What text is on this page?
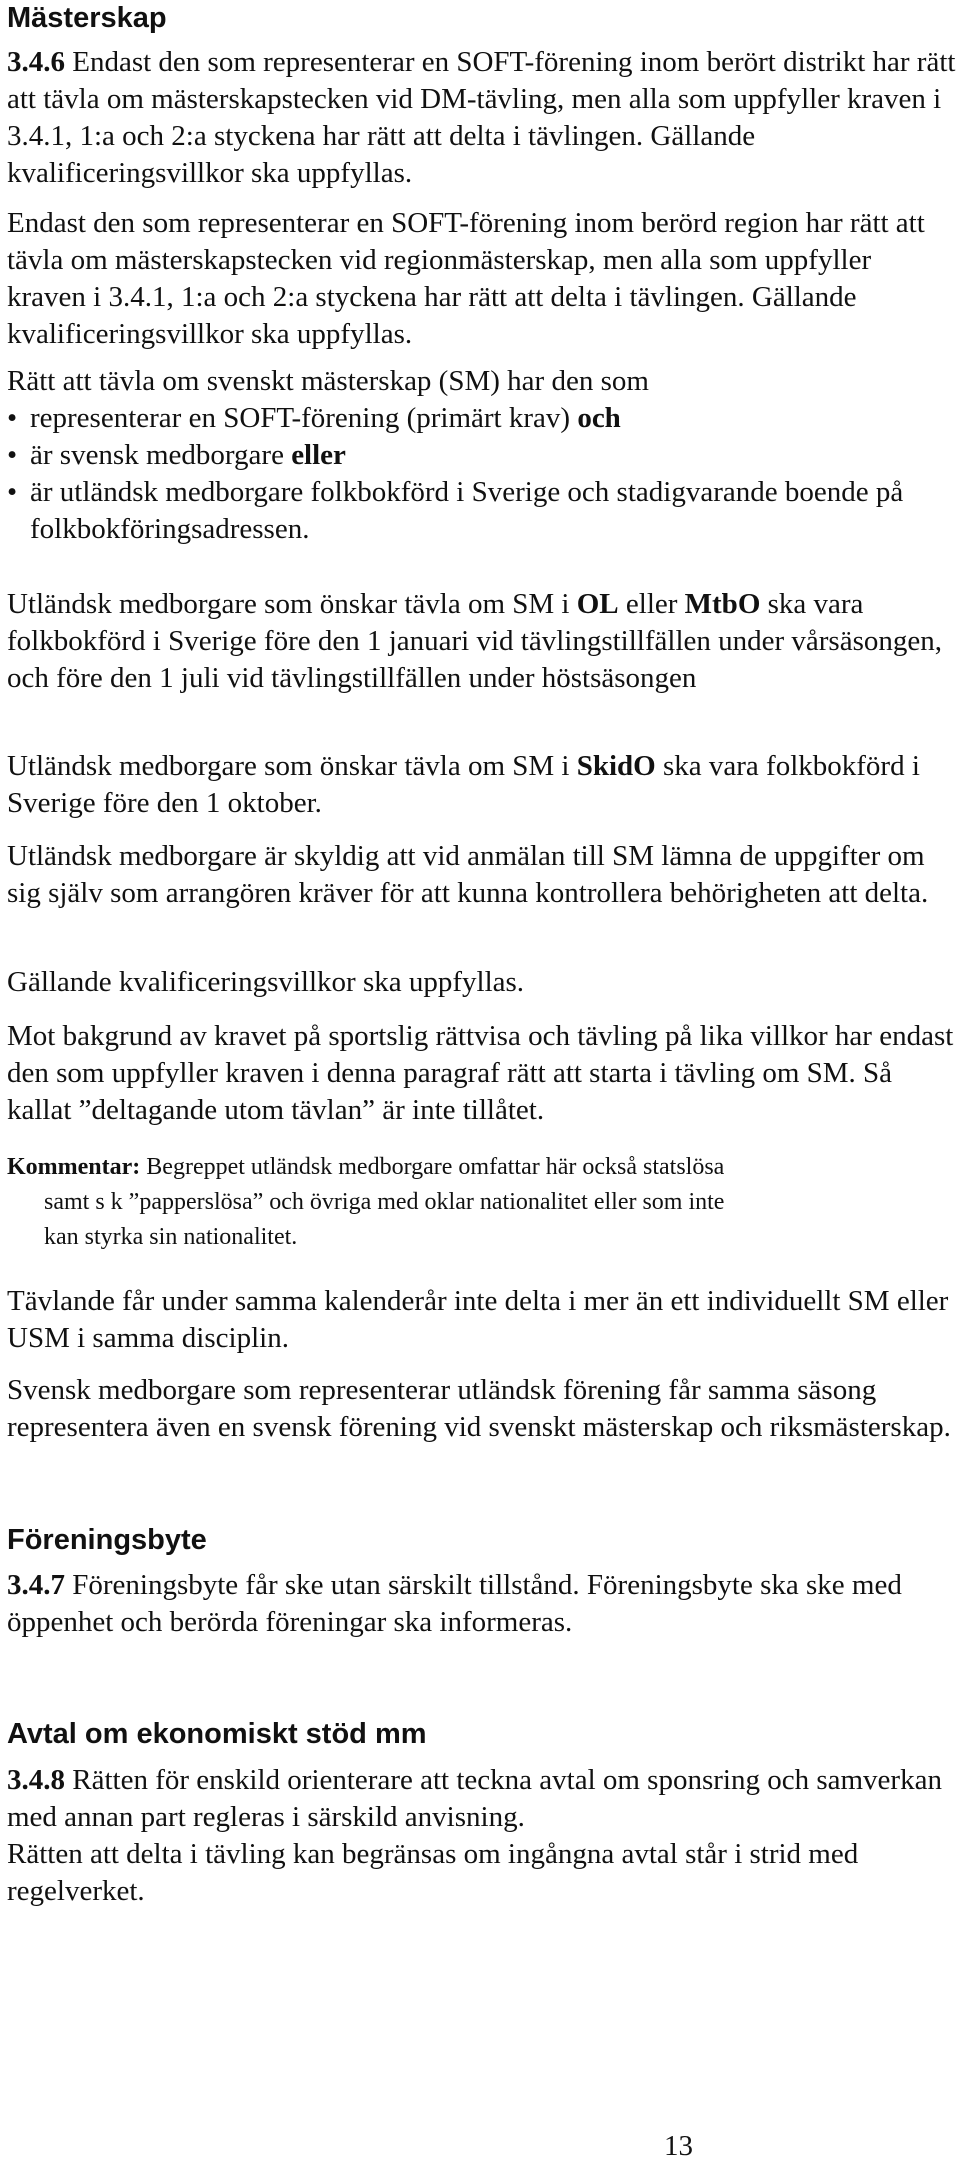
Mästerskap

3.4.6 Endast den som representerar en SOFT-förening inom berört distrikt har rätt att tävla om mästerskapstecken vid DM-tävling, men alla som uppfyller kraven i 3.4.1, 1:a och 2:a styckena har rätt att delta i tävlingen. Gällande kvalificeringsvillkor ska uppfyllas.

Endast den som representerar en SOFT-förening inom berörd region har rätt att tävla om mästerskapstecken vid regionmästerskap, men alla som uppfyller kraven i 3.4.1, 1:a och 2:a styckena har rätt att delta i tävlingen. Gällande kvalificeringsvillkor ska uppfyllas.

Rätt att tävla om svenskt mästerskap (SM) har den som

• representerar en SOFT-förening (primärt krav) och
• är svensk medborgare eller
• är utländsk medborgare folkbokförd i Sverige och stadigvarande boende på folkbokföringsadressen.

Utländsk medborgare som önskar tävla om SM i OL eller MtbO ska vara folkbokförd i Sverige före den 1 januari vid tävlingstillfällen under vårsäsongen, och före den 1 juli vid tävlingstillfällen under höstsäsongen

Utländsk medborgare som önskar tävla om SM i SkidO ska vara folkbokförd i Sverige före den 1 oktober.

Utländsk medborgare är skyldig att vid anmälan till SM lämna de uppgifter om sig själv som arrangören kräver för att kunna kontrollera behörigheten att delta.

Gällande kvalificeringsvillkor ska uppfyllas.

Mot bakgrund av kravet på sportslig rättvisa och tävling på lika villkor har endast den som uppfyller kraven i denna paragraf rätt att starta i tävling om SM. Så kallat ”deltagande utom tävlan” är inte tillåtet.

Kommentar: Begreppet utländsk medborgare omfattar här också statslösa
samt s k ”papperslösa” och övriga med oklar nationalitet eller som inte
kan styrka sin nationalitet.

Tävlande får under samma kalenderår inte delta i mer än ett individuellt SM eller USM i samma disciplin.

Svensk medborgare som representerar utländsk förening får samma säsong representera även en svensk förening vid svenskt mästerskap och riksmästerskap.

Föreningsbyte

3.4.7 Föreningsbyte får ske utan särskilt tillstånd. Föreningsbyte ska ske med öppenhet och berörda föreningar ska informeras.

Avtal om ekonomiskt stöd mm

3.4.8 Rätten för enskild orienterare att teckna avtal om sponsring och samverkan med annan part regleras i särskild anvisning.

Rätten att delta i tävling kan begränsas om ingångna avtal står i strid med regelverket.

13
